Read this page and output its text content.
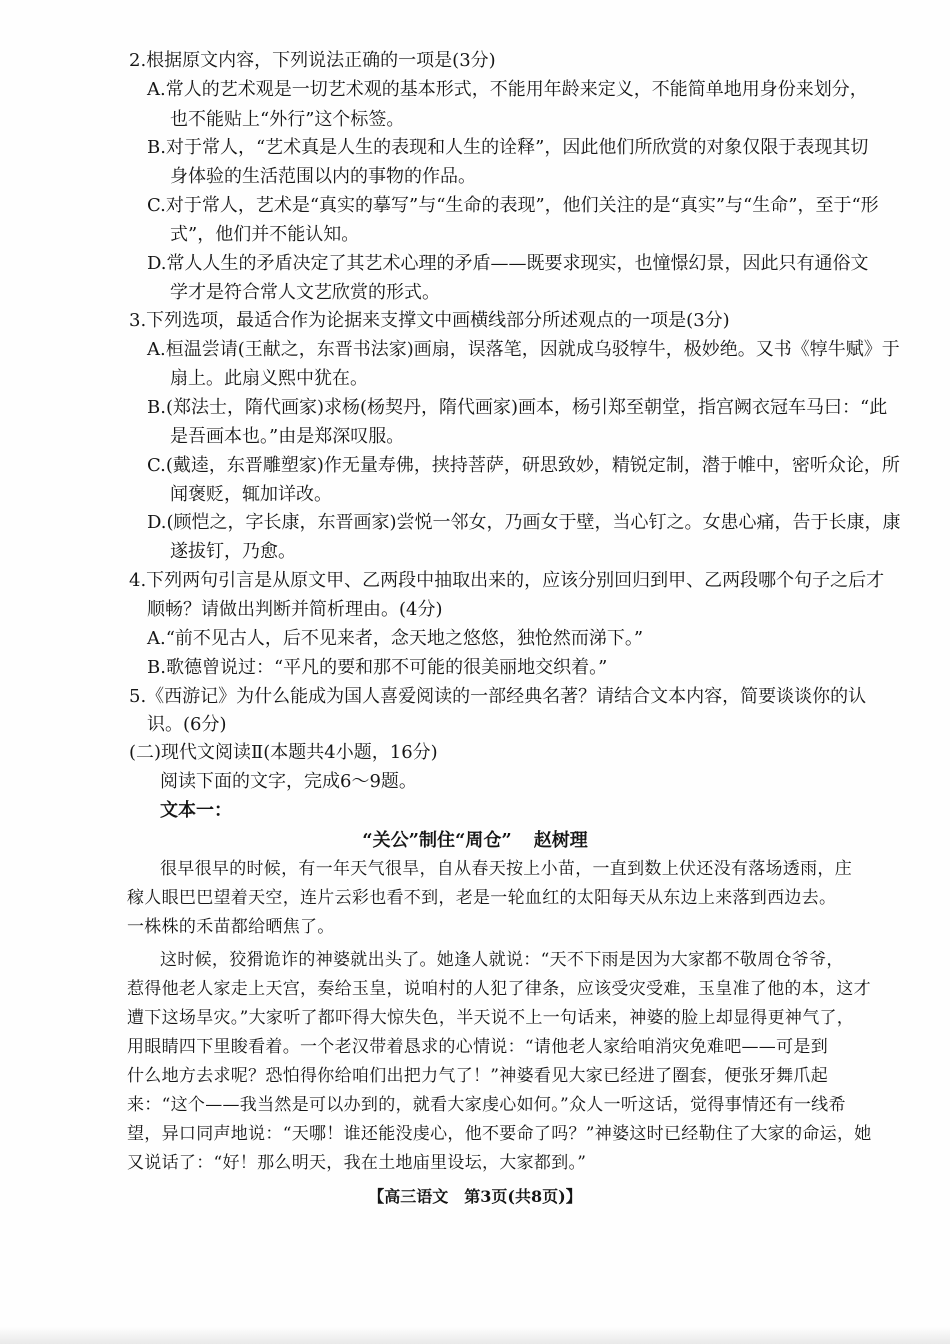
2.根据原文内容，下列说法正确的一项是(3分)
A.常人的艺术观是一切艺术观的基本形式，不能用年龄来定义，不能简单地用身份来划分，
也不能贴上“外行”这个标签。
B.对于常人，“艺术真是人生的表现和人生的诠释”，因此他们所欣赏的对象仅限于表现其切
身体验的生活范围以内的事物的作品。
C.对于常人，艺术是“真实的摹写”与“生命的表现”，他们关注的是“真实”与“生命”，至于“形
式”，他们并不能认知。
D.常人人生的矛盾决定了其艺术心理的矛盾——既要求现实，也憧憬幻景，因此只有通俗文
学才是符合常人文艺欣赏的形式。
3.下列选项，最适合作为论据来支撑文中画横线部分所述观点的一项是(3分)
A.桓温尝请(王献之，东晋书法家)画扇，误落笔，因就成乌驳犉牛，极妙绝。又书《犉牛赋》于
扇上。此扇义熙中犹在。
B.(郑法士，隋代画家)求杨(杨契丹，隋代画家)画本，杨引郑至朝堂，指宫阙衣冠车马曰：“此
是吾画本也。”由是郑深叹服。
C.(戴逵，东晋雕塑家)作无量寿佛，挟持菩萨，研思致妙，精锐定制，潜于帷中，密听众论，所
闻褒贬，辄加详改。
D.(顾恺之，字长康，东晋画家)尝悦一邻女，乃画女于壁，当心钉之。女患心痛，告于长康，康
遂拔钉，乃愈。
4.下列两句引言是从原文甲、乙两段中抽取出来的，应该分别回归到甲、乙两段哪个句子之后才
顺畅？请做出判断并简析理由。(4分)
A.“前不见古人，后不见来者，念天地之悠悠，独怆然而涕下。”
B.歌德曾说过：“平凡的要和那不可能的很美丽地交织着。”
5.《西游记》为什么能成为国人喜爱阅读的一部经典名著？请结合文本内容，简要谈谈你的认
识。(6分)
(二)现代文阅读Ⅱ(本题共4小题，16分)
阅读下面的文字，完成6～9题。
文本一：
“关公”制住“周仓” 赵树理
很早很早的时候，有一年天气很旱，自从春天按上小苗，一直到数上伏还没有落场透雨，庄
稼人眼巴巴望着天空，连片云彩也看不到，老是一轮血红的太阳每天从东边上来落到西边去。
一株株的禾苗都给晒焦了。
这时候，狡猾诡诈的神婆就出头了。她逢人就说：“天不下雨是因为大家都不敬周仓爷爷，
惹得他老人家走上天宫，奏给玉皇，说咱村的人犯了律条，应该受灾受难，玉皇准了他的本，这才
遭下这场旱灾。”大家听了都吓得大惊失色，半天说不上一句话来，神婆的脸上却显得更神气了，
用眼睛四下里睃看着。一个老汉带着恳求的心情说：“请他老人家给咱消灾免难吧——可是到
什么地方去求呢？恐怕得你给咱们出把力气了！”神婆看见大家已经进了圈套，便张牙舞爪起
来：“这个——我当然是可以办到的，就看大家虔心如何。”众人一听这话，觉得事情还有一线希
望，异口同声地说：“天哪！谁还能没虔心，他不要命了吗？”神婆这时已经勒住了大家的命运，她
又说话了：“好！那么明天，我在土地庙里设坛，大家都到。”
【高三语文　第3页(共8页)】
